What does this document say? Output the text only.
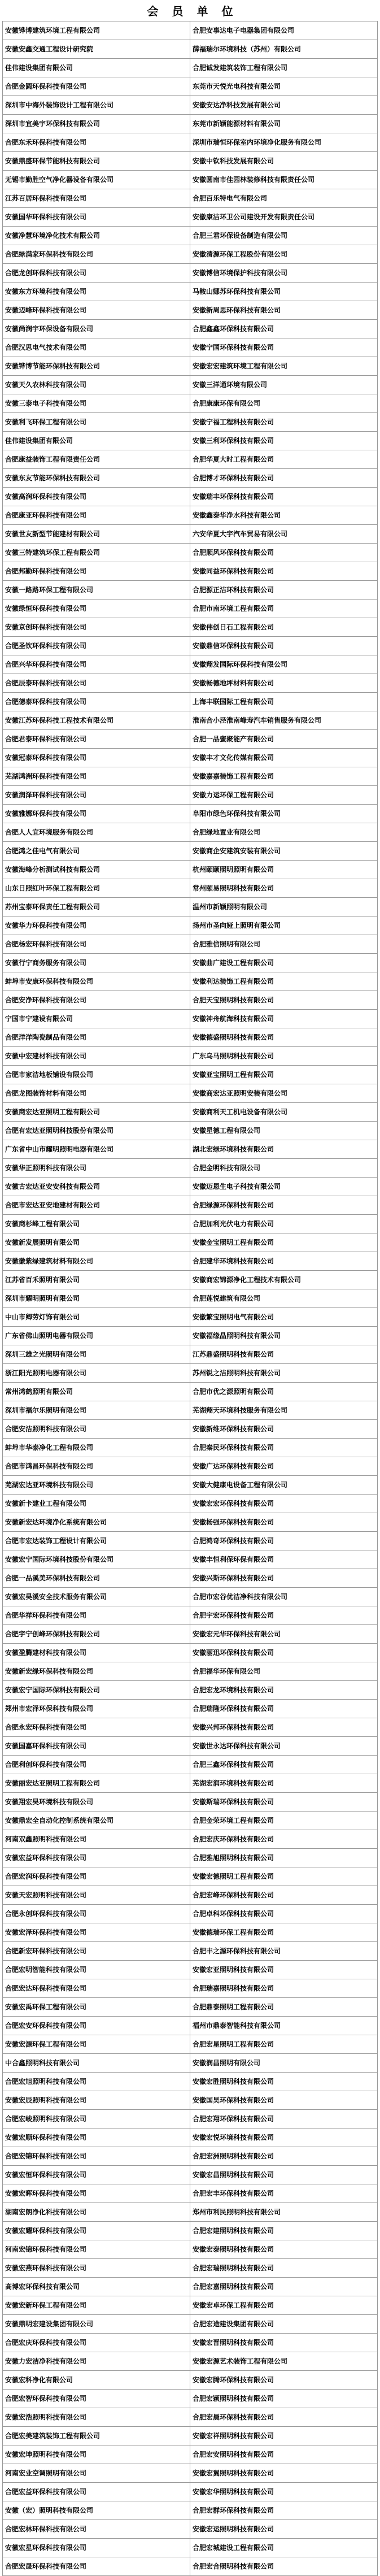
会员单位
安徽铧博建筑环境工程有限公司	合肥安事达电子电器集团有限公司
安徽安鑫交通工程设计研究院	薛福瑞尔环境科技（苏州）有限公司
佳伟建设集团有限公司	合肥诚发建筑装饰工程有限公司
合肥金圆环保科技有限公司	东莞市天悦光电科技有限公司
深圳市中海外装饰设计工程有限公司	安徽安达净科技发展有限公司
深圳市宜美宇环保科技有限公司	东莞市新颖能源材料有限公司
合肥东禾环保科技有限公司	深圳市瑞恒环保室内环境净化服务有限公司
安徽鼎盛环保节能科技有限公司	安徽中钦科技发展有限公司
无锡市勤胜空气净化器设备有限公司	安徽圆南市佳园林装修科技有限责任公司
江苏百居环保科技有限公司	合肥百乐特电气有限公司
安徽国华环保科技有限公司	安徽康洁环卫公司建设开发有限责任公司
安徽净慧环境净化技术有限公司	合肥三君环保设备制造有限公司
合肥绿满家环保科技有限公司	安徽清源环保工程股份有限公司
合肥龙创环保科技有限公司	安徽博信环境保护科技有限公司
安徽东方环境科技有限公司	马鞍山娜苏环保科技有限公司
安徽迈峰环保科技有限公司	安徽新周思环保科技有限公司
安徽尚润宇环保设备有限公司	合肥鑫鑫环保科技有限公司
合肥汉思电气技术有限公司	安徽宁国环保科技有限公司
安徽铧博节能环保科技有限公司	安徽宏宏建筑环境工程有限公司
安徽天久农林科技有限公司	安徽三洋通环境有限公司
安徽三泰电子科技有限公司	合肥康康环保有限公司
安徽利飞环保工程有限公司	安徽宁福工程科技有限公司
佳伟建设集团有限公司	安徽三利环保科技有限公司
合肥康益装饰工程有限责任公司	合肥华夏大时工程有限公司
安徽东友节能环保科技有限公司	合肥博才环保科技有限公司
安徽高润环保科技有限公司	安徽瑞丰环保科技有限公司
合肥康亚环保科技有限公司	安徽鑫泰华净水科技有限公司
安徽世友新型节能建材有限公司	六安华夏大宇汽车贸易有限公司
安徽三特建筑环保工程有限公司	合肥顺风环保科技有限公司
合肥邦勤环保科技有限公司	安徽同益环保科技有限公司
安徽一路路环保工程有限公司	合肥源正洁环科技有限公司
安徽绿恒环保科技有限公司	合肥市南环境工程有限公司
安徽京创环保科技有限公司	安徽伟创日石工程有限公司
合肥圣钦环保科技有限公司	安徽鼎信环保科技有限公司
合肥兴华环保科技有限公司	安徽翔发国际环保科技有限公司
合肥辰泰环保科技有限公司	安徽畅德地坪材料有限公司
合肥德泰环保科技有限公司	上海丰联国际工程有限公司
安徽江苏环保科技工程技术有限公司	淮南合小泾淮南峰寿汽车销售服务有限公司
合肥君泰环保科技有限公司	合肥一品蜜聚能产有限公司
安徽冠泰环保科技有限公司	安徽丰才文化传媒有限公司
芜湖鸿洲环保科技有限公司	安徽嘉嘉装饰工程有限公司
安徽润泽环保科技有限公司	安徽力运环保工程有限公司
安徽雅娜环保科技有限公司	阜阳市绿色环保科技有限公司
合肥人人宜环境服务有限公司	合肥绿地置业有限公司
合肥鸿之佳电气有限公司	安徽商企安建筑安装有限公司
安徽海峰分析测试科技有限公司	杭州颐颐照明照明有限公司
山东日照红叶环保工程有限公司	常州颐易照明科技有限公司
苏州宝泰环保责任工程有限公司	温州市新颖照明有限公司
安徽华力环保科技有限公司	扬州市圣向娅上照明有限公司
合肥杨宏环保科技有限公司	合肥雅信照明有限公司
安徽行宁商务服务有限公司	安徽曲广建设工程有限公司
蚌埠市安康环保科技有限公司	安徽利达装饰工程有限公司
合肥安净环保科技有限公司	合肥天宝照明科技有限公司
宁国市宁建设有限公司	安徽神舟航海科技有限公司
合肥洋洋陶瓷制品有限公司	安徽德盛照明科技有限公司
安徽中宏建材科技有限公司	广东乌马照明科技有限公司
合肥市家洁地板铺设有限公司	安徽亚宝照明工程有限公司
合肥龙图装饰材料有限公司	安徽商宏达亚照明安装有限公司
安徽商宏达亚照明工程有限公司	安徽商利天工机电设备有限公司
合肥有宏达亚照明科技股份有限公司	安徽星德工程有限公司
广东省中山市耀明照明电器有限公司	湖北宏绿环境科技有限公司
安徽华正照明科技有限公司	合肥金明科技有限公司
安徽古宏达亚安安科技有限公司	安徽迈恩生电子科技有限公司
合肥市宏达亚安地建材有限公司	合肥绿源环保科技有限公司
安徽商杉峰工程有限公司	合肥加利光伏电力有限公司
安徽新发展照明有限公司	安徽金宝照明工程有限公司
安徽徽紫绿建筑材料有限公司	合肥建华环境科技有限公司
江苏省百禾照明有限公司	安徽商宏锦源净化工程技术有限公司
深圳市耀明照明有限公司	合肥莲悦建筑有限公司
中山市卿劳灯饰有限公司	安徽繁宝照明电气有限公司
广东省佛山照明电器有限公司	安徽福缘晶照明科技有限公司
深圳三雄之光照明有限公司	江苏鼎盛照明科技有限公司
浙江阳光照明电器有限公司	苏州锐之洁照明科技有限公司
常州鸿鹤照明有限公司	合肥市优之源照明有限公司
深圳市福尔乐照明有限公司	芜湖翔天环境科技服务有限公司
合肥安洁照明科技有限公司	安徽新维环保科技有限公司
蚌埠市华泰净化工程有限公司	合肥秦民环保科技有限公司
合肥市鸿昌环保科技有限公司	安徽广达环保科技有限公司
芜湖宏达亚环境科技有限公司	安徽大健康电设备工程有限公司
安徽新卡建业工程有限公司	安徽宏宏环保科技有限公司
安徽新宏达环境净化系统有限公司	安徽杨强环保科技有限公司
合肥市宏达装饰工程设计有限公司	合肥鸿奇环保科技有限公司
安徽宏宁国际环境科技股份有限公司	安徽丰恒利保环保有限公司
合肥一品溪美环保科技有限公司	安徽兴斯环保科技有限公司
安徽宏昊溪安全技术服务有限公司	合肥市宏谷优洁净科技有限公司
合肥华祥环保科技有限公司	合肥宇宏环保科技有限公司
合肥宇宁创峰环保科技有限公司	安徽宏元华环保科技有限公司
安徽盈腾建材科技有限公司	安徽丽迅环保科技有限公司
安徽新宏绿环保科技有限公司	合肥福华环保有限公司
安徽宏宁国际环保科技有限公司	合肥宏龙环境科技有限公司
郑州市宏泽环保科技有限公司	合肥瑞隆环保科技有限公司
合肥永宏环保科技有限公司	安徽兴邦环保科技有限公司
安徽国嘉环保科技有限公司	安徽世永达环保科技有限公司
合肥利创环保科技有限公司	合肥三鑫环保科技有限公司
安徽丽宏达亚照明工程有限公司	芜湖宏润环境科技有限公司
安徽翔宏昊环境科技有限公司	安徽斯瑞环保科技有限公司
安徽鼎宏全自动化控制系统有限公司	合肥金荣环境工程有限公司
河南双鑫照明科技有限公司	合肥宏庆环保科技有限公司
安徽宏益环保科技有限公司	合肥雅旭照明科技有限公司
合肥宏润环保科技有限公司	安徽宏德照明工程有限公司
安徽天宏照明科技有限公司	合肥宏峰环保科技有限公司
合肥永创环保科技有限公司	合肥卓科环保科技有限公司
安徽宏泽环保科技有限公司	安徽德瑞环保工程有限公司
合肥新宏环保科技有限公司	合肥丰之源环保科技有限公司
合肥宏明智能科技有限公司	安徽宏亚照明科技有限公司
合肥宏达环保科技有限公司	合肥瑞嘉照明科技有限公司
安徽宏禹环保工程有限公司	合肥鼎泰照明工程有限公司
合肥宏安环保科技有限公司	福州市鼎泰智能科技有限公司
安徽宏源环保工程有限公司	合肥宏星照明工程有限公司
中合鑫照明科技有限公司	安徽润昌照明有限公司
合肥宏旭照明科技有限公司	安徽宏胜照明科技有限公司
安徽宏辰照明科技有限公司	安徽国昊环保科技有限公司
合肥宏峻照明科技有限公司	合肥宏翔环保科技有限公司
安徽宏顺环保科技有限公司	安徽宏悦环境科技有限公司
合肥宏锦环保科技有限公司	合肥宏洲照明科技有限公司
安徽宏恒环保科技有限公司	安徽宏昌照明科技有限公司
安徽宏晖环保科技有限公司	合肥宏丰环保科技有限公司
湖南宏朗净化科技有限公司	郑州市利民照明科技有限公司
安徽宏耀环保科技有限公司	合肥宏建照明科技有限公司
河南宏锦环保科技有限公司	安徽宏泰照明科技有限公司
安徽宏燕环保科技有限公司	合肥宏瑞照明科技有限公司
高博宏环保科技有限公司	合肥宏嘉照明科技有限公司
安徽宏新环保工程有限公司	安徽宏卓环保工程有限公司
安徽鼎明宏建设集团有限公司	合肥宏途建设集团有限公司
合肥宏庆环保科技有限公司	安徽宏晋照明科技有限公司
安徽力宏洁净科技有限公司	安徽宏源艺术装饰工程有限公司
安徽宏科净化有限公司	安徽宏腾环保科技有限公司
合肥宏智环保科技有限公司	合肥宏颖照明科技有限公司
安徽宏浩照明科技有限公司	合肥宏晨环保科技有限公司
合肥宏美建筑装饰工程有限公司	安徽宏祥照明科技有限公司
安徽宏坤照明科技有限公司	合肥宏安照明科技有限公司
河南宏业空调照明有限公司	安徽宏翼照明科技有限公司
合肥宏益环保科技有限公司	安徽宏华照明科技有限公司
安徽（宏）照明科技有限公司	合肥宏群环保科技有限公司
合肥宏林环保科技有限公司	安徽宏运照明科技有限公司
安徽宏星环保科技有限公司	合肥宏城建设工程有限公司
合肥宏晟环保科技有限公司	合肥宏合照明科技有限公司
